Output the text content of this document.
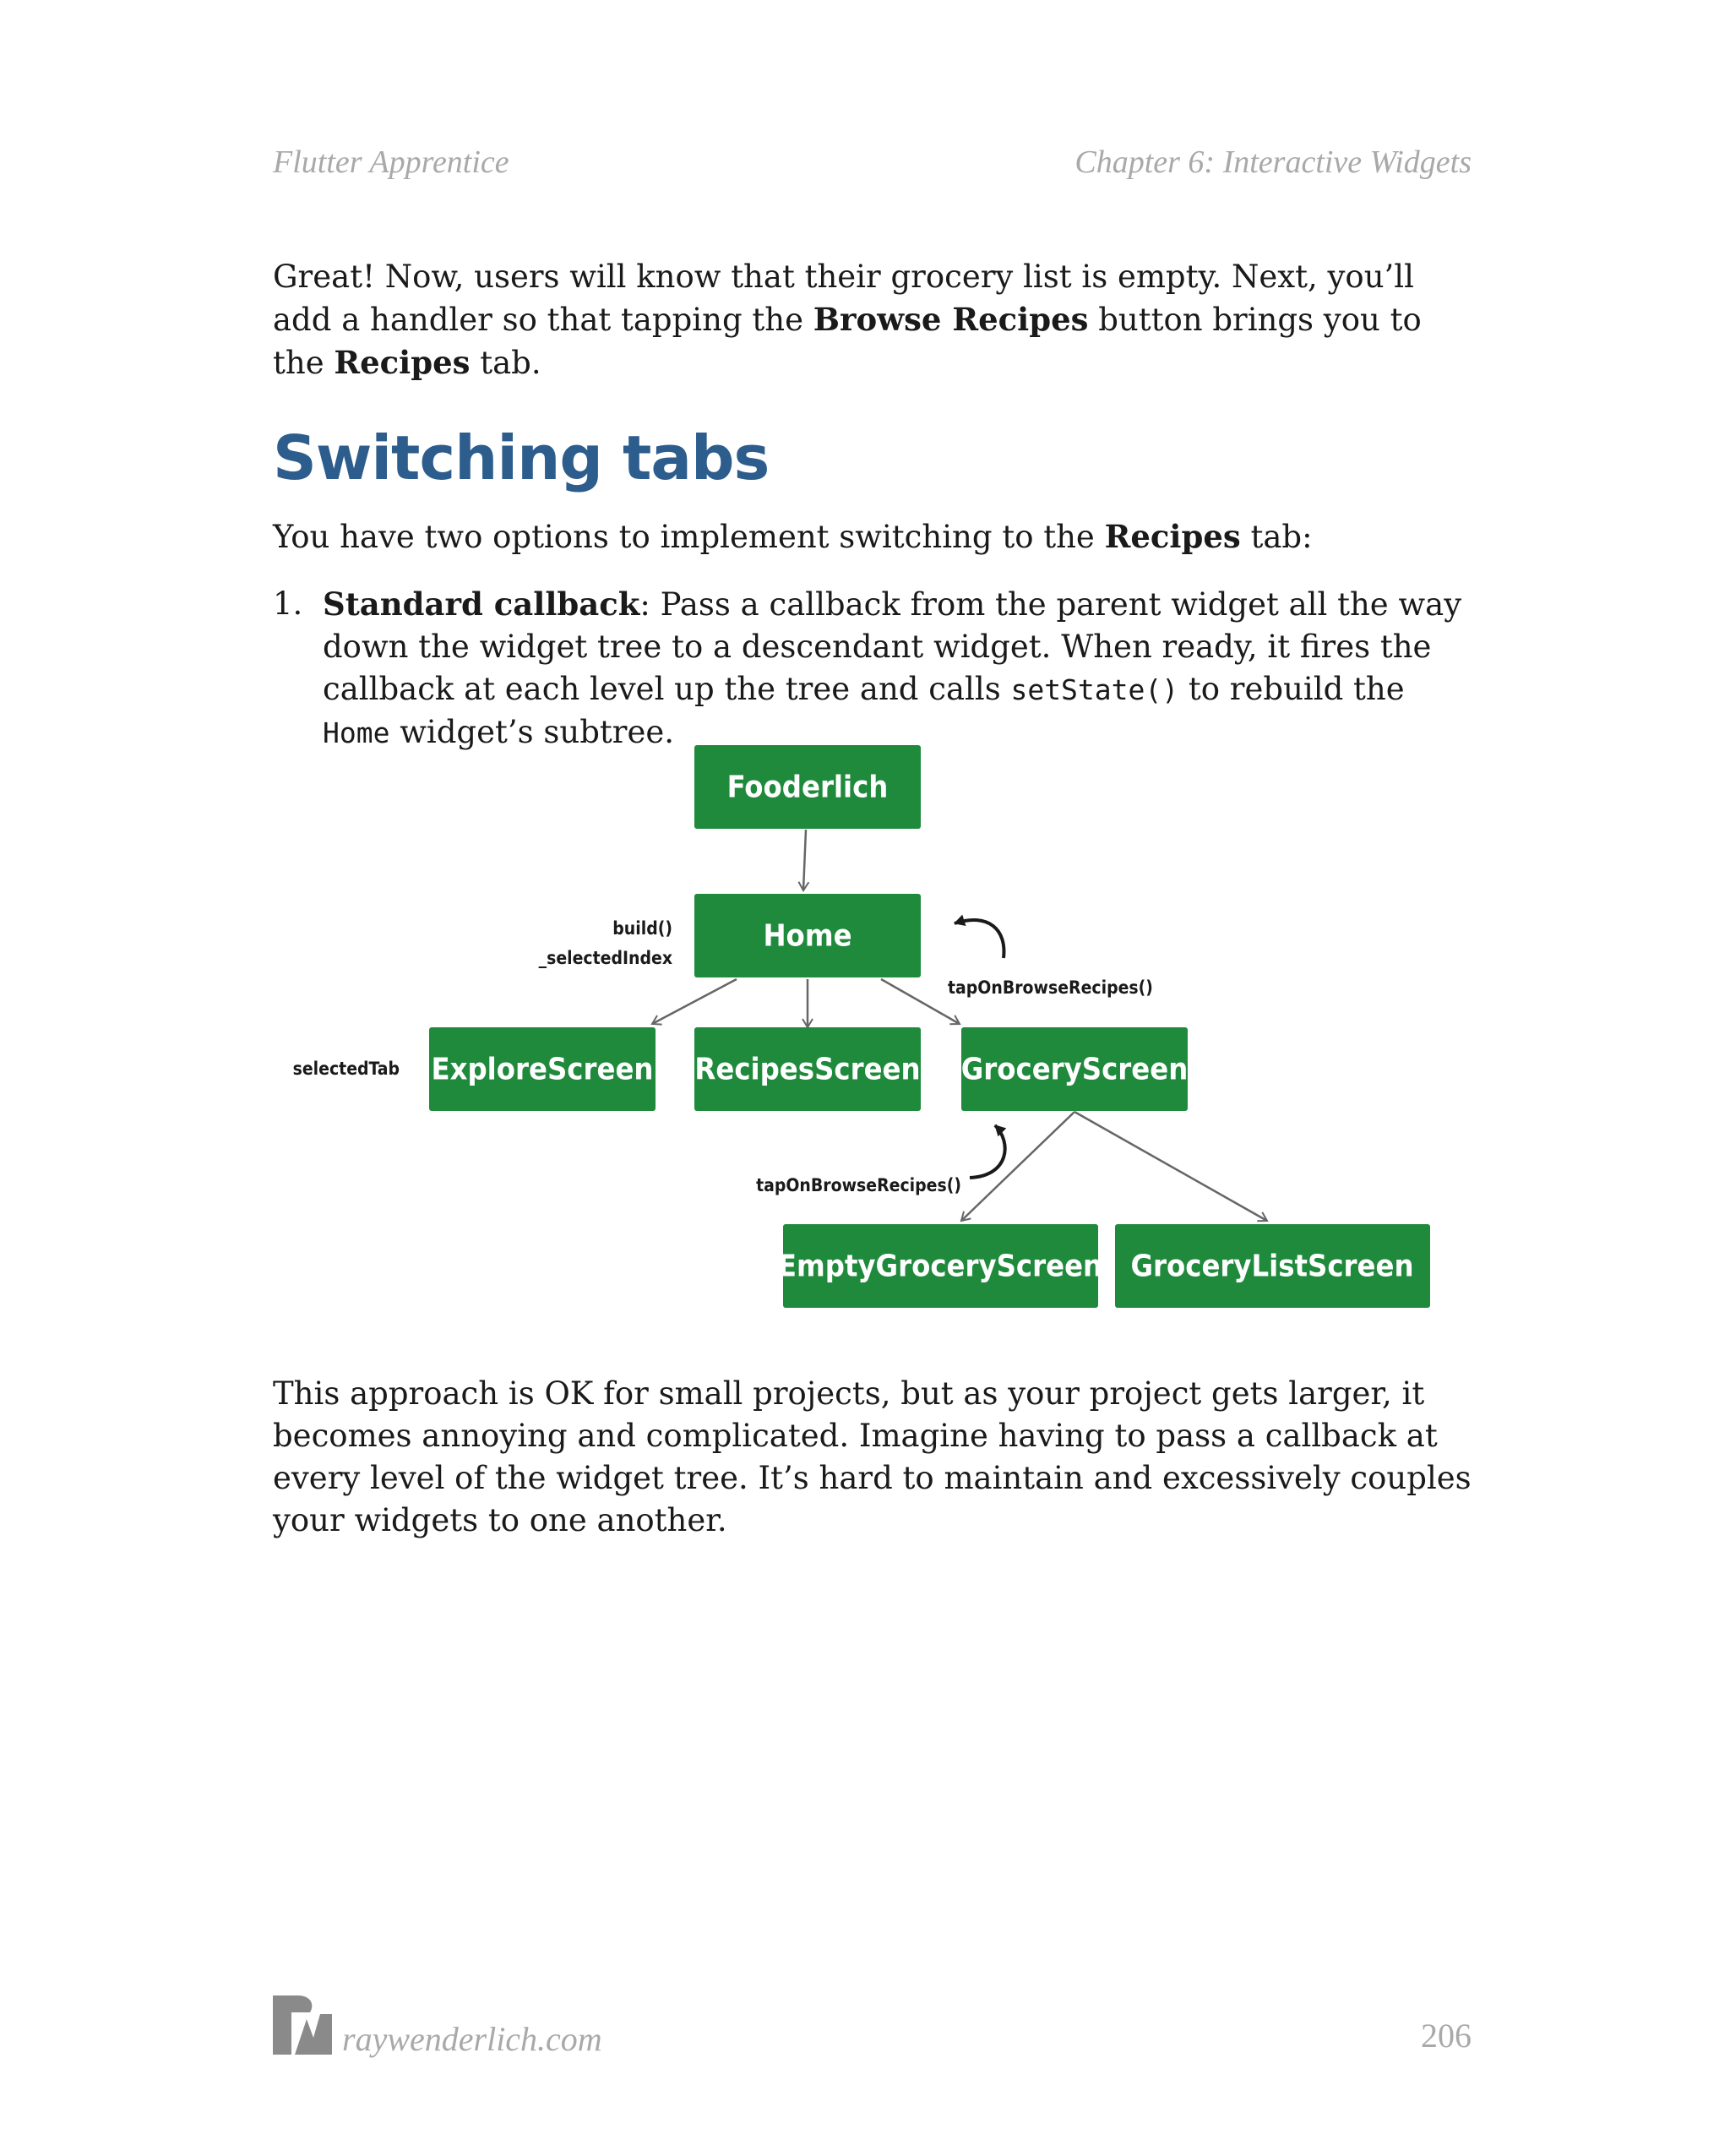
Flutter Apprentice	Chapter 6: Interactive Widgets
Great! Now, users will know that their grocery list is empty. Next, you’ll add a handler so that tapping the Browse Recipes button brings you to the Recipes tab.
Switching tabs
You have two options to implement switching to the Recipes tab:
1. Standard callback: Pass a callback from the parent widget all the way down the widget tree to a descendant widget. When ready, it fires the callback at each level up the tree and calls setState() to rebuild the Home widget’s subtree.
Fooderlich
Home
ExploreScreen RecipesScreen GroceryScreen
EmptyGroceryScreen GroceryListScreen
build()
_selectedIndex
selectedTab
tapOnBrowseRecipes()
tapOnBrowseRecipes()
This approach is OK for small projects, but as your project gets larger, it becomes annoying and complicated. Imagine having to pass a callback at every level of the widget tree. It’s hard to maintain and excessively couples your widgets to one another.
raywenderlich.com	206
